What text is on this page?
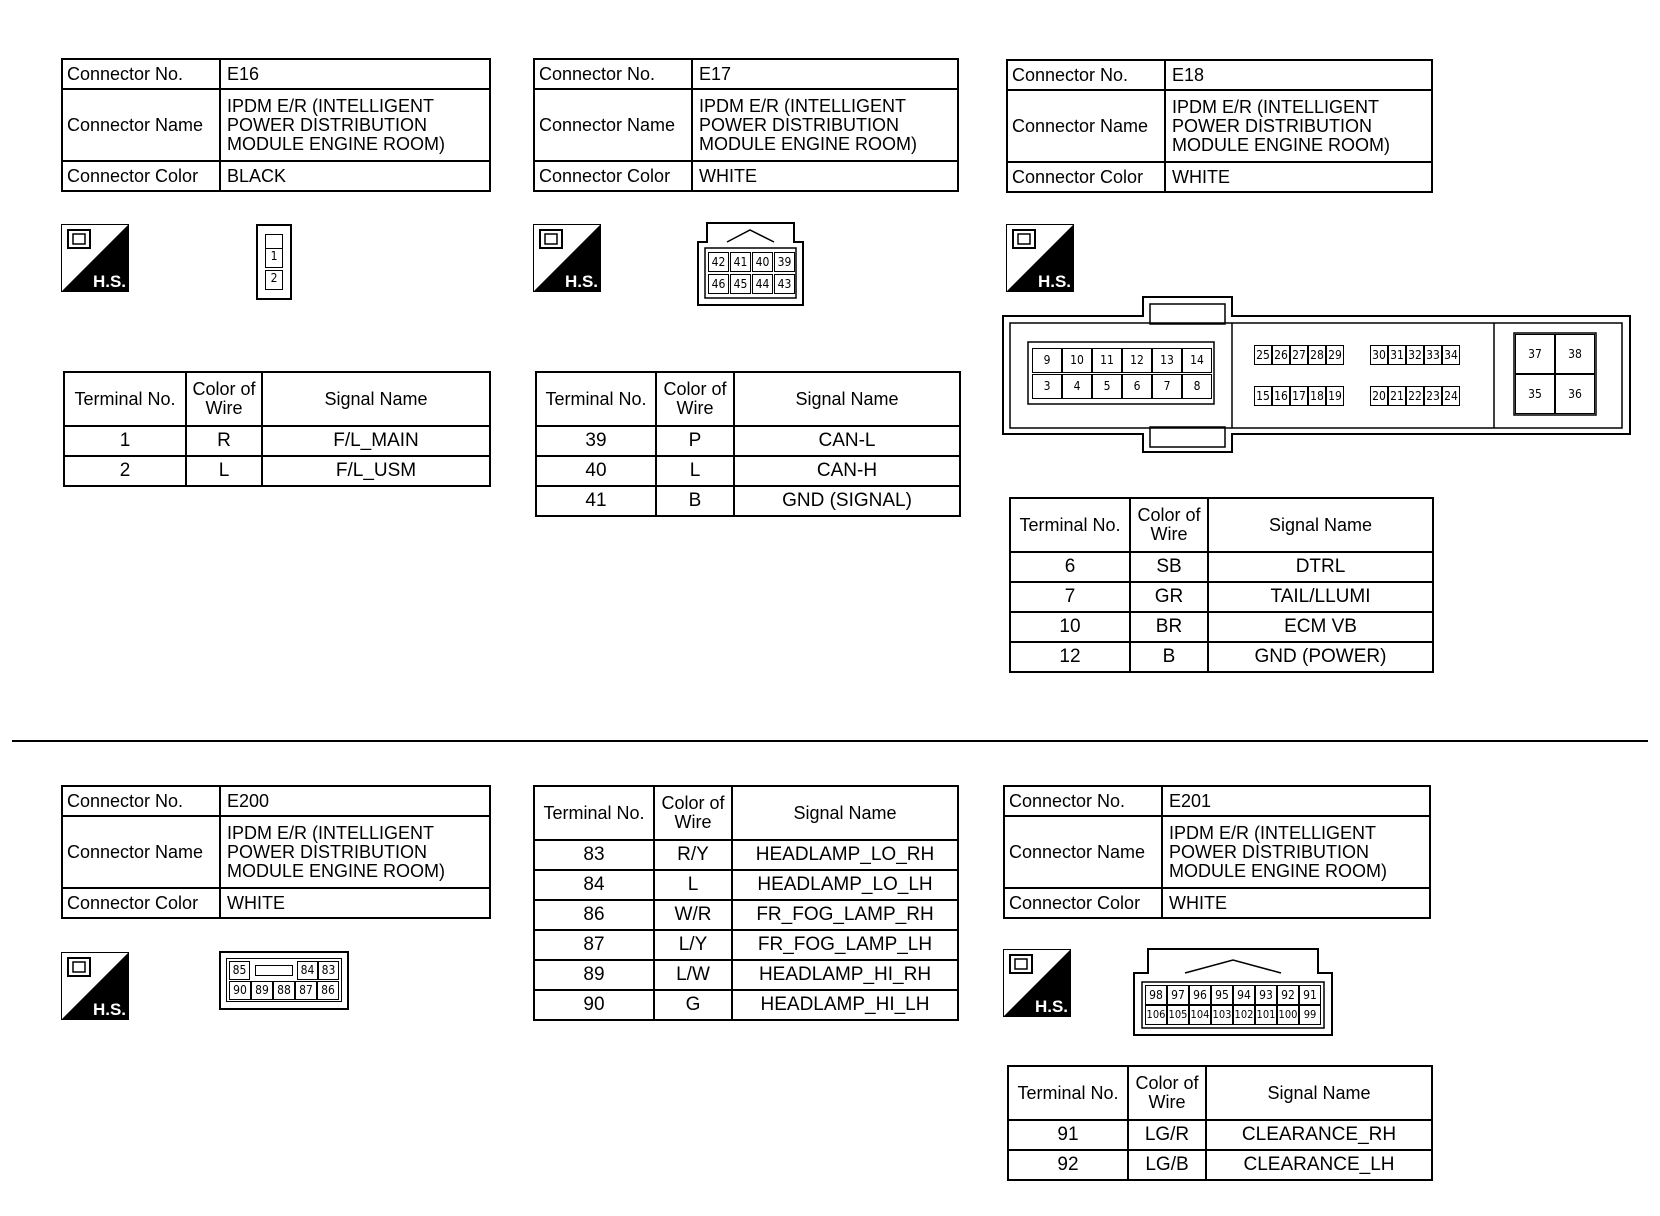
Connector No.	E16
Connector Name	IPDM E/R (INTELLIGENT POWER DISTRIBUTION MODULE ENGINE ROOM)
Connector Color	BLACK
H.S.
1
2
Terminal No.	Color of Wire	Signal Name
1	R	F/L_MAIN
2	L	F/L_USM
Connector No.	E17
Connector Name	IPDM E/R (INTELLIGENT POWER DISTRIBUTION MODULE ENGINE ROOM)
Connector Color	WHITE
H.S.
42 41 40 39
46 45 44 43
Terminal No.	Color of Wire	Signal Name
39	P	CAN-L
40	L	CAN-H
41	B	GND (SIGNAL)
Connector No.	E18
Connector Name	IPDM E/R (INTELLIGENT POWER DISTRIBUTION MODULE ENGINE ROOM)
Connector Color	WHITE
H.S.
9	10	11	12	13	14
3	4	5	6	7	8
25 26 27 28 29	30 31 32 33 34
15 16 17 18 19	20 21 22 23 24
37	38
35	36
Terminal No.	Color of Wire	Signal Name
6	SB	DTRL
7	GR	TAIL/LLUMI
10	BR	ECM VB
12	B	GND (POWER)
Connector No.	E200
Connector Name	IPDM E/R (INTELLIGENT POWER DISTRIBUTION MODULE ENGINE ROOM)
Connector Color	WHITE
H.S.
85	84 83
90 89 88 87 86
Terminal No.	Color of Wire	Signal Name
83	R/Y	HEADLAMP_LO_RH
84	L	HEADLAMP_LO_LH
86	W/R	FR_FOG_LAMP_RH
87	L/Y	FR_FOG_LAMP_LH
89	L/W	HEADLAMP_HI_RH
90	G	HEADLAMP_HI_LH
Connector No.	E201
Connector Name	IPDM E/R (INTELLIGENT POWER DISTRIBUTION MODULE ENGINE ROOM)
Connector Color	WHITE
H.S.
98 97 96 95 94 93 92 91
106 105 104 103 102 101 100 99
Terminal No.	Color of Wire	Signal Name
91	LG/R	CLEARANCE_RH
92	LG/B	CLEARANCE_LH
